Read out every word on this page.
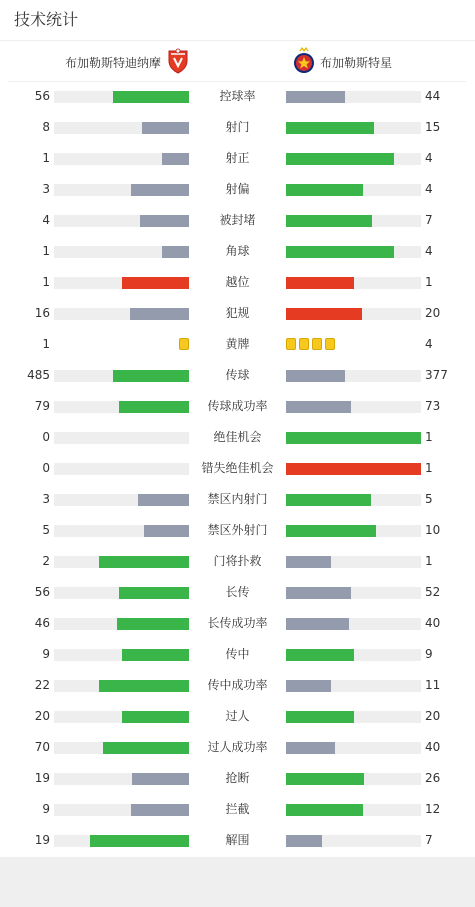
技术统计
布加勒斯特迪纳摩	布加勒斯特星
56	控球率	44
8	射门	15
1	射正	4
3	射偏	4
4	被封堵	7
1	角球	4
1	越位	1
16	犯规	20
1	黄牌	4
485	传球	377
79	传球成功率	73
0	绝佳机会	1
0	错失绝佳机会	1
3	禁区内射门	5
5	禁区外射门	10
2	门将扑救	1
56	长传	52
46	长传成功率	40
9	传中	9
22	传中成功率	11
20	过人	20
70	过人成功率	40
19	抢断	26
9	拦截	12
19	解围	7
